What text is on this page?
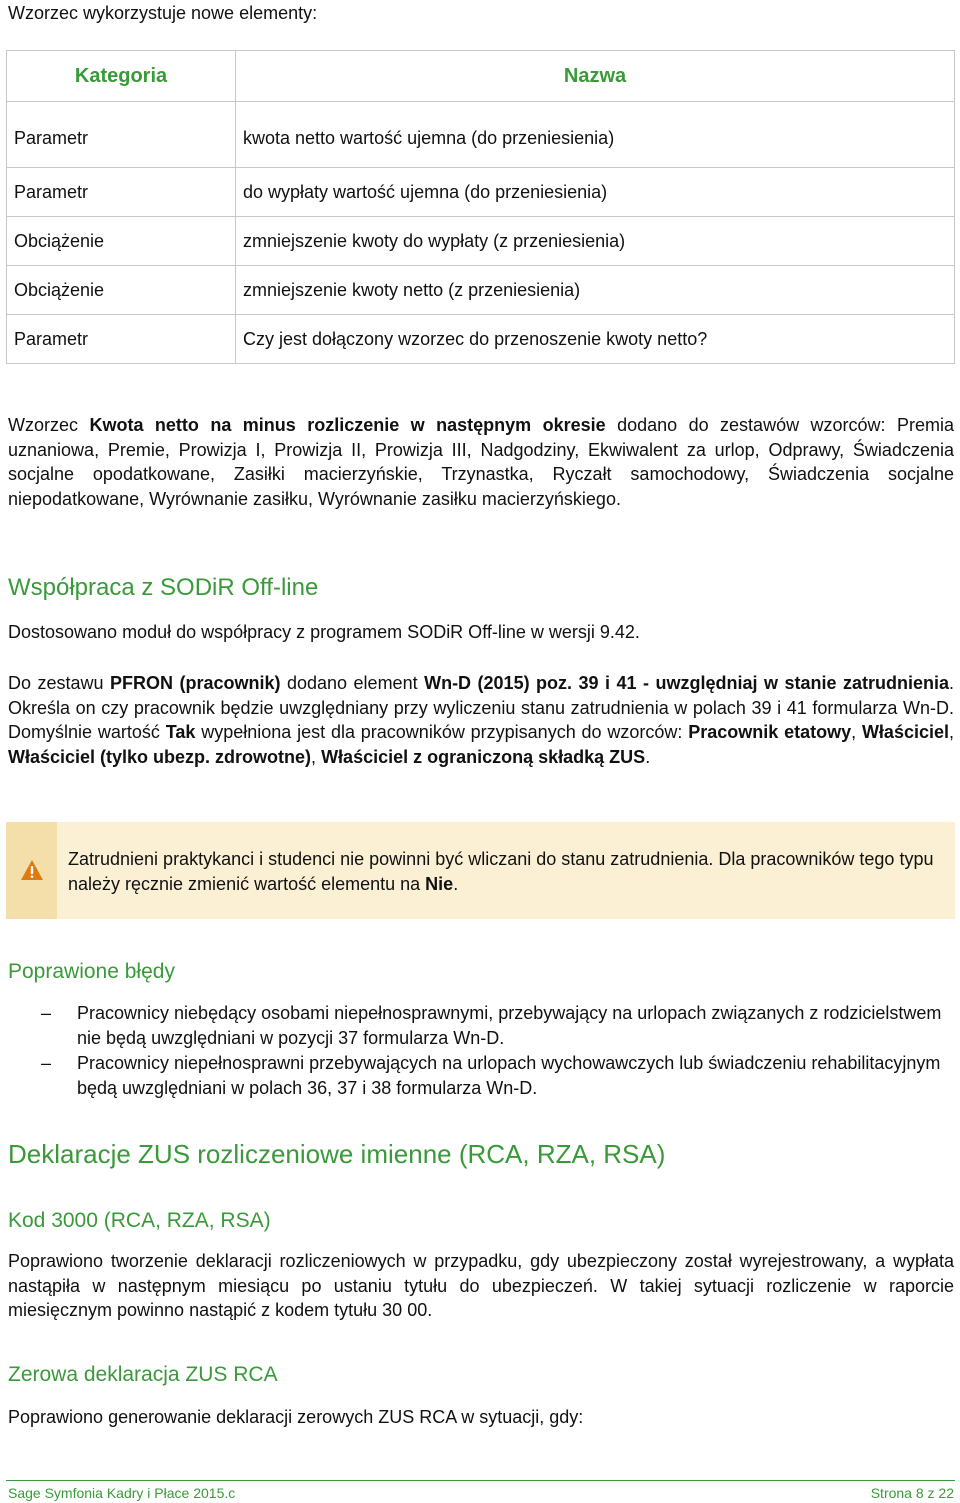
Wzorzec wykorzystuje nowe elementy:
Kategoria	Nazwa
Parametr	kwota netto wartość ujemna (do przeniesienia)
Parametr	do wypłaty wartość ujemna (do przeniesienia)
Obciążenie	zmniejszenie kwoty do wypłaty (z przeniesienia)
Obciążenie	zmniejszenie kwoty netto (z przeniesienia)
Parametr	Czy jest dołączony wzorzec do przenoszenie kwoty netto?

Wzorzec Kwota netto na minus rozliczenie w następnym okresie dodano do zestawów wzorców: Premia uznaniowa, Premie, Prowizja I, Prowizja II, Prowizja III, Nadgodziny, Ekwiwalent za urlop, Odprawy, Świadczenia socjalne opodatkowane, Zasiłki macierzyńskie, Trzynastka, Ryczałt samochodowy, Świadczenia socjalne niepodatkowane, Wyrównanie zasiłku, Wyrównanie zasiłku macierzyńskiego.

Współpraca z SODiR Off-line

Dostosowano moduł do współpracy z programem SODiR Off-line w wersji 9.42.

Do zestawu PFRON (pracownik) dodano element Wn-D (2015) poz. 39 i 41 - uwzględniaj w stanie zatrudnienia. Określa on czy pracownik będzie uwzględniany przy wyliczeniu stanu zatrudnienia w polach 39 i 41 formularza Wn-D. Domyślnie wartość Tak wypełniona jest dla pracowników przypisanych do wzorców: Pracownik etatowy, Właściciel, Właściciel (tylko ubezp. zdrowotne), Właściciel z ograniczoną składką ZUS.

Zatrudnieni praktykanci i studenci nie powinni być wliczani do stanu zatrudnienia. Dla pracowników tego typu należy ręcznie zmienić wartość elementu na Nie.

Poprawione błędy
– Pracownicy niebędący osobami niepełnosprawnymi, przebywający na urlopach związanych z rodzicielstwem nie będą uwzględniani w pozycji 37 formularza Wn-D.
– Pracownicy niepełnosprawni przebywających na urlopach wychowawczych lub świadczeniu rehabilitacyjnym będą uwzględniani w polach 36, 37 i 38 formularza Wn-D.
Deklaracje ZUS rozliczeniowe imienne (RCA, RZA, RSA)
Kod 3000 (RCA, RZA, RSA)

Poprawiono tworzenie deklaracji rozliczeniowych w przypadku, gdy ubezpieczony został wyrejestrowany, a wypłata nastąpiła w następnym miesiącu po ustaniu tytułu do ubezpieczeń. W takiej sytuacji rozliczenie w raporcie miesięcznym powinno nastąpić z kodem tytułu 30 00.

Zerowa deklaracja ZUS RCA

Poprawiono generowanie deklaracji zerowych ZUS RCA w sytuacji, gdy:

Sage Symfonia Kadry i Płace 2015.c	Strona 8 z 22
